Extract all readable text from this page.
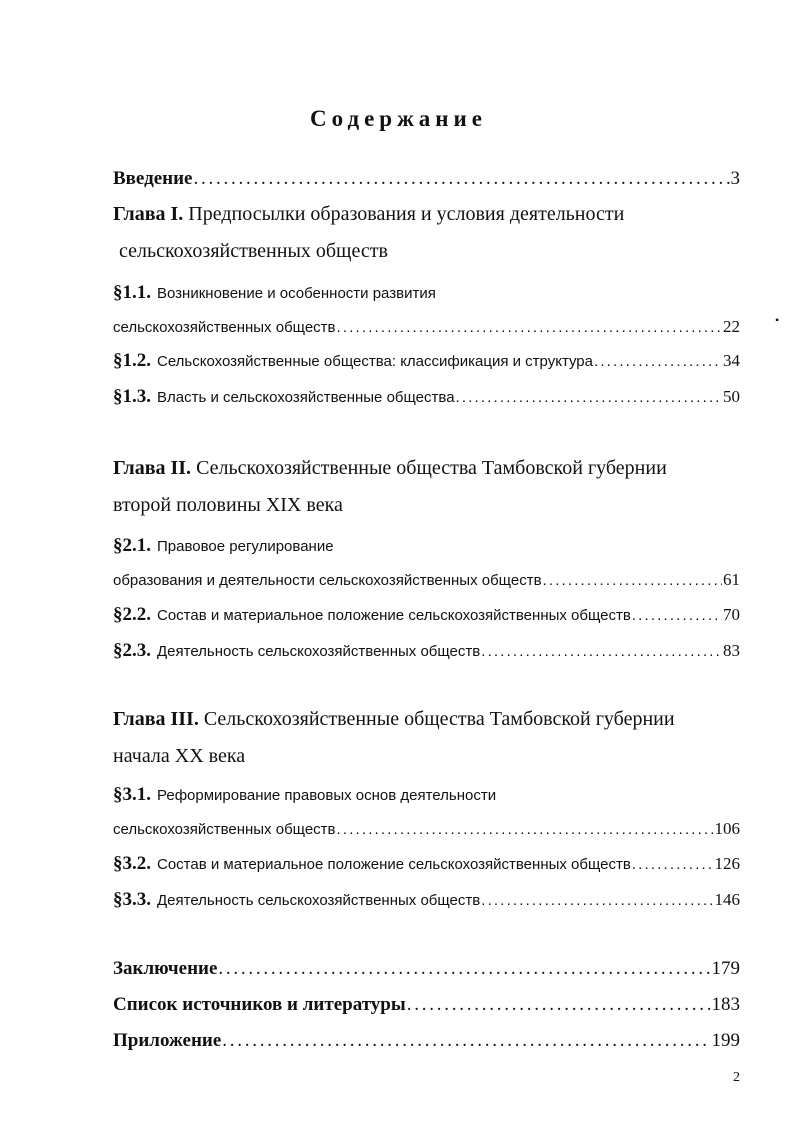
Содержание
Введение . . .	3
Глава I. Предпосылки образования и условия деятельности
сельскохозяйственных обществ
§1.1. Возникновение и особенности развития
сельскохозяйственных обществ . . .	22
§1.2. Сельскохозяйственные общества: классификация и структура . . .	34
§1.3. Власть и сельскохозяйственные общества . . .	50
Глава II. Сельскохозяйственные общества Тамбовской губернии
второй половины XIX века
§2.1. Правовое регулирование
образования и деятельности сельскохозяйственных обществ . . .	61
§2.2. Состав и материальное положение сельскохозяйственных обществ . . .	70
§2.3. Деятельность сельскохозяйственных обществ . . .	83
Глава III. Сельскохозяйственные общества Тамбовской губернии
начала XX века
§3.1. Реформирование правовых основ деятельности
сельскохозяйственных обществ . . .	106
§3.2. Состав и материальное положение сельскохозяйственных обществ . . .	126
§3.3. Деятельность сельскохозяйственных обществ . . .	146
Заключение . . .	179
Список источников и литературы . . .	183
Приложение . . .	199
2
•
